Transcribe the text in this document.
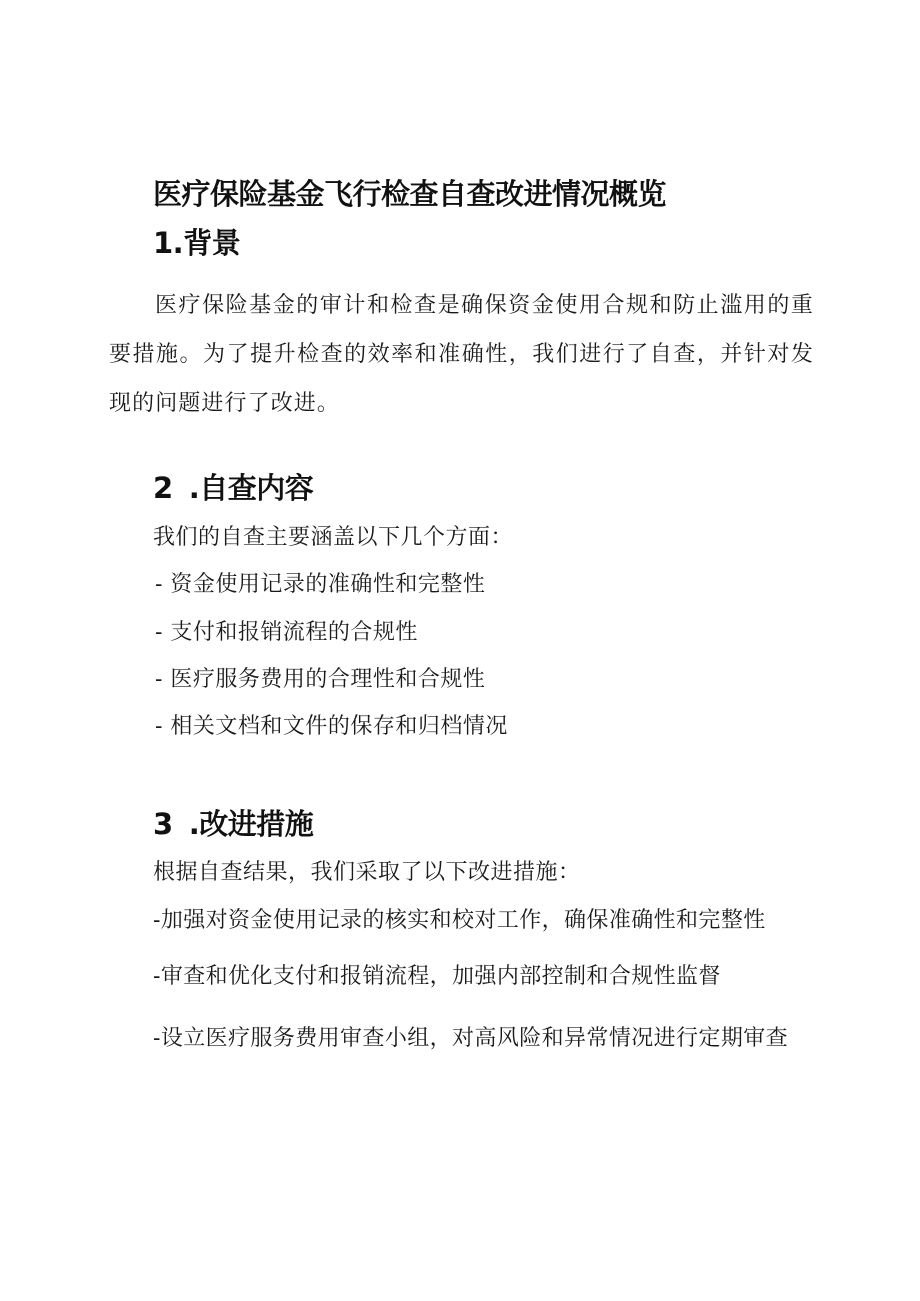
医疗保险基金飞行检查自查改进情况概览
1.背景

医疗保险基金的审计和检查是确保资金使用合规和防止滥用的重要措施。为了提升检查的效率和准确性，我们进行了自查，并针对发现的问题进行了改进。

2 .自查内容

我们的自查主要涵盖以下几个方面：

- 资金使用记录的准确性和完整性

- 支付和报销流程的合规性

- 医疗服务费用的合理性和合规性

- 相关文档和文件的保存和归档情况

3 .改进措施

根据自查结果，我们采取了以下改进措施：

-加强对资金使用记录的核实和校对工作，确保准确性和完整性

-审查和优化支付和报销流程，加强内部控制和合规性监督

-设立医疗服务费用审查小组，对高风险和异常情况进行定期审查
